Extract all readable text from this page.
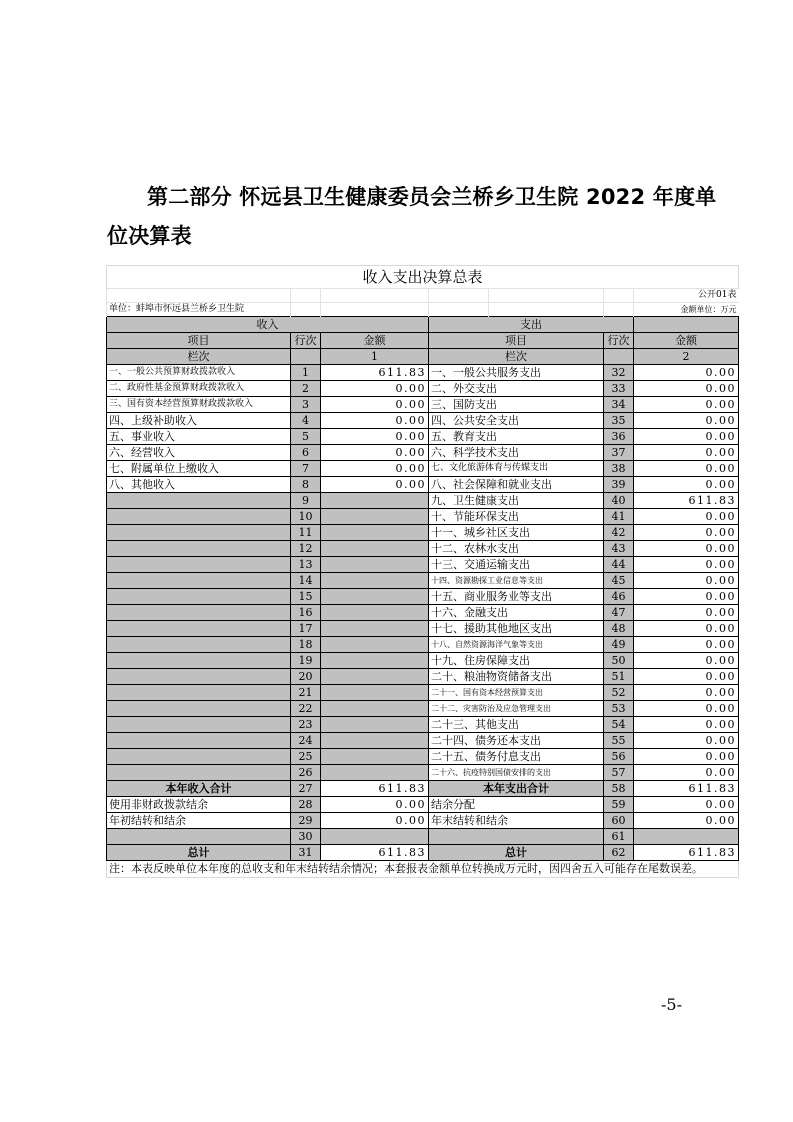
第二部分 怀远县卫生健康委员会兰桥乡卫生院 2022 年度单
位决算表
收入支出决算总表						
						公开01表
单位：蚌埠市怀远县兰桥乡卫生院						金额单位：万元
收入			支出			
项目	行次	金额	项目		行次	金额
栏次		1	栏次			2
一、一般公共预算财政拨款收入	1	611.83	一、一般公共服务支出		32	0.00
二、政府性基金预算财政拨款收入	2	0.00	二、外交支出		33	0.00
三、国有资本经营预算财政拨款收入	3	0.00	三、国防支出		34	0.00
四、上级补助收入	4	0.00	四、公共安全支出		35	0.00
五、事业收入	5	0.00	五、教育支出		36	0.00
六、经营收入	6	0.00	六、科学技术支出		37	0.00
七、附属单位上缴收入	7	0.00	七、文化旅游体育与传媒支出		38	0.00
八、其他收入	8	0.00	八、社会保障和就业支出		39	0.00
	9		九、卫生健康支出		40	611.83
	10		十、节能环保支出		41	0.00
	11		十一、城乡社区支出		42	0.00
	12		十二、农林水支出		43	0.00
	13		十三、交通运输支出		44	0.00
	14		十四、资源勘探工业信息等支出		45	0.00
	15		十五、商业服务业等支出		46	0.00
	16		十六、金融支出		47	0.00
	17		十七、援助其他地区支出		48	0.00
	18		十八、自然资源海洋气象等支出		49	0.00
	19		十九、住房保障支出		50	0.00
	20		二十、粮油物资储备支出		51	0.00
	21		二十一、国有资本经营预算支出		52	0.00
	22		二十二、灾害防治及应急管理支出		53	0.00
	23		二十三、其他支出		54	0.00
	24		二十四、债务还本支出		55	0.00
	25		二十五、债务付息支出		56	0.00
	26		二十六、抗疫特别国债安排的支出		57	0.00
本年收入合计	27	611.83	本年支出合计		58	611.83
使用非财政拨款结余	28	0.00	结余分配		59	0.00
年初结转和结余	29	0.00	年末结转和结余		60	0.00
	30				61	
总计	31	611.83	总计		62	611.83
注：本表反映单位本年度的总收支和年末结转结余情况；本套报表金额单位转换成万元时，因四舍五入可能存在尾数误差。						
-5-
